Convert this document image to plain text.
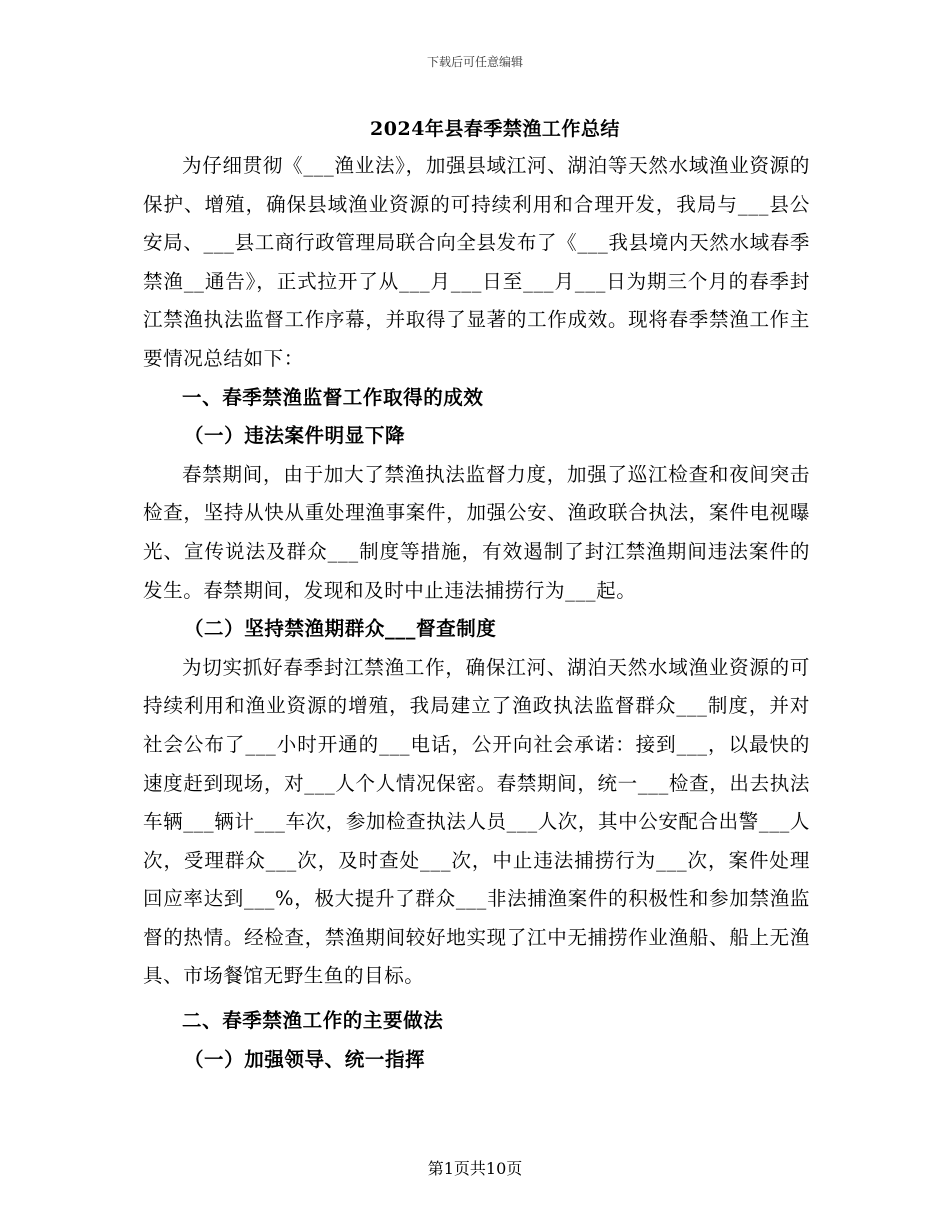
下载后可任意编辑
2024年县春季禁渔工作总结

为仔细贯彻《___渔业法》，加强县域江河、湖泊等天然水域渔业资源的保护、增殖，确保县域渔业资源的可持续利用和合理开发，我局与___县公安局、___县工商行政管理局联合向全县发布了《___我县境内天然水域春季禁渔__通告》，正式拉开了从___月___日至___月___日为期三个月的春季封江禁渔执法监督工作序幕，并取得了显著的工作成效。现将春季禁渔工作主要情况总结如下：

一、春季禁渔监督工作取得的成效

（一）违法案件明显下降

春禁期间，由于加大了禁渔执法监督力度，加强了巡江检查和夜间突击检查，坚持从快从重处理渔事案件，加强公安、渔政联合执法，案件电视曝光、宣传说法及群众___制度等措施，有效遏制了封江禁渔期间违法案件的发生。春禁期间，发现和及时中止违法捕捞行为___起。

（二）坚持禁渔期群众___督查制度

为切实抓好春季封江禁渔工作，确保江河、湖泊天然水域渔业资源的可持续利用和渔业资源的增殖，我局建立了渔政执法监督群众___制度，并对社会公布了___小时开通的___电话，公开向社会承诺：接到___，以最快的速度赶到现场，对___人个人情况保密。春禁期间，统一___检查，出去执法车辆___辆计___车次，参加检查执法人员___人次，其中公安配合出警___人次，受理群众___次，及时查处___次，中止违法捕捞行为___次，案件处理回应率达到___%，极大提升了群众___非法捕渔案件的积极性和参加禁渔监督的热情。经检查，禁渔期间较好地实现了江中无捕捞作业渔船、船上无渔具、市场餐馆无野生鱼的目标。

二、春季禁渔工作的主要做法

（一）加强领导、统一指挥

第1页共10页
